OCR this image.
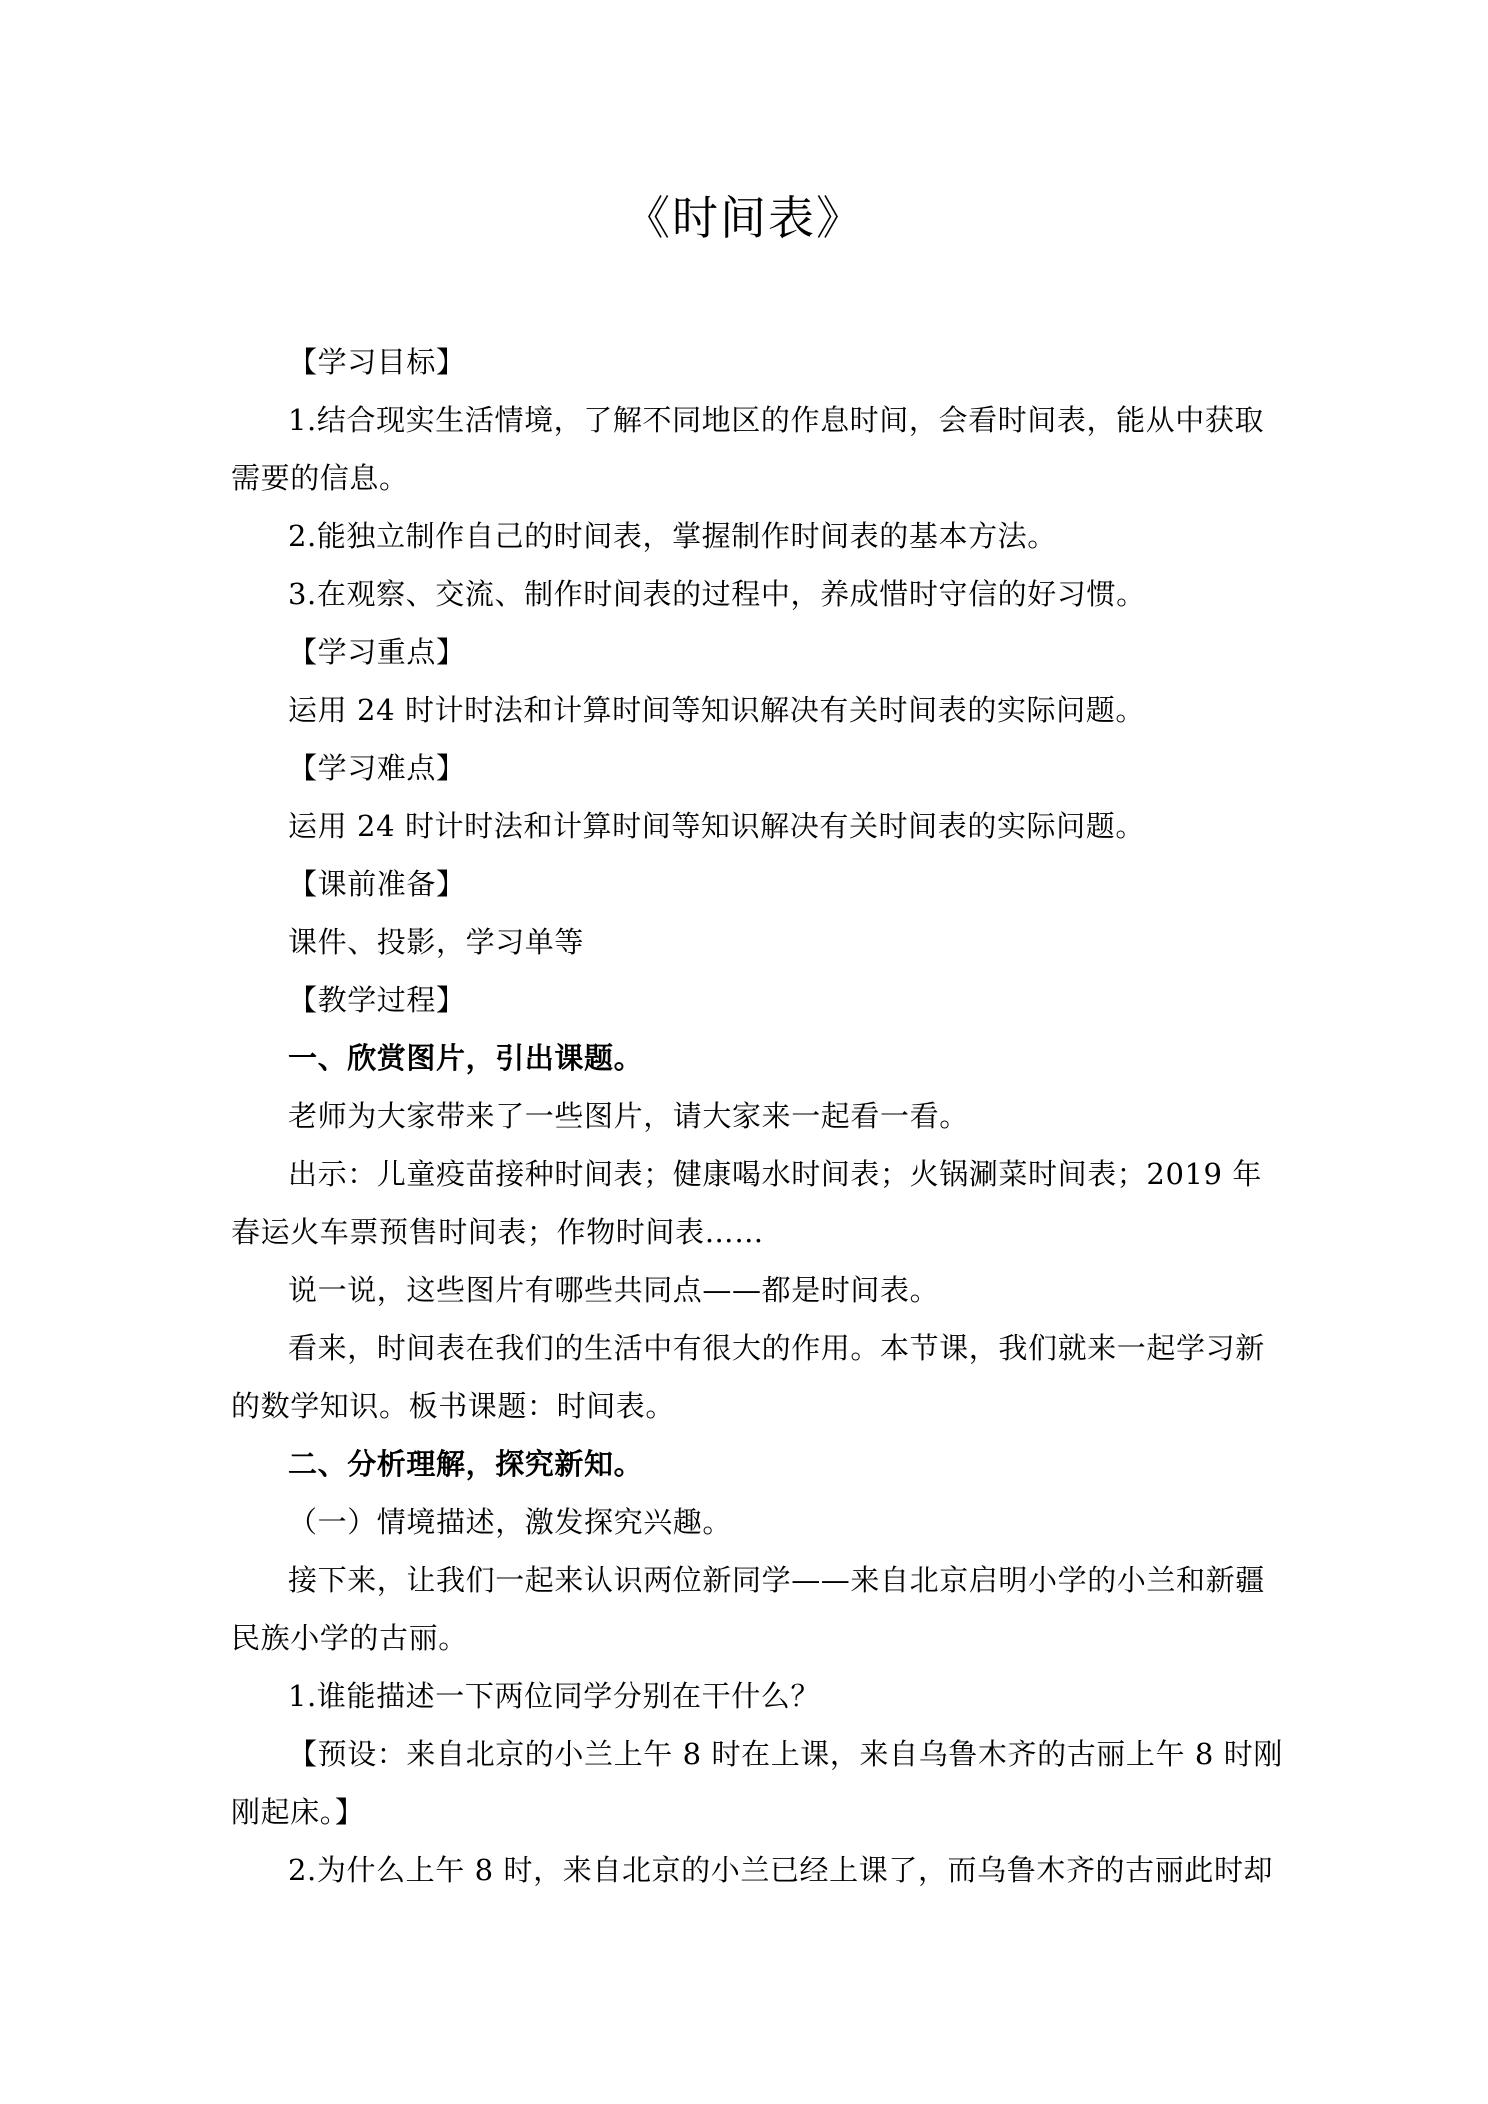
《时间表》
【学习目标】
1.结合现实生活情境，了解不同地区的作息时间，会看时间表，能从中获取
需要的信息。
2.能独立制作自己的时间表，掌握制作时间表的基本方法。
3.在观察、交流、制作时间表的过程中，养成惜时守信的好习惯。
【学习重点】
运用 24 时计时法和计算时间等知识解决有关时间表的实际问题。
【学习难点】
运用 24 时计时法和计算时间等知识解决有关时间表的实际问题。
【课前准备】
课件、投影，学习单等
【教学过程】
一、欣赏图片，引出课题。
老师为大家带来了一些图片，请大家来一起看一看。
出示：儿童疫苗接种时间表；健康喝水时间表；火锅涮菜时间表；2019 年
春运火车票预售时间表；作物时间表……
说一说，这些图片有哪些共同点——都是时间表。
看来，时间表在我们的生活中有很大的作用。本节课，我们就来一起学习新
的数学知识。板书课题：时间表。
二、分析理解，探究新知。
（一）情境描述，激发探究兴趣。
接下来，让我们一起来认识两位新同学——来自北京启明小学的小兰和新疆
民族小学的古丽。
1.谁能描述一下两位同学分别在干什么？
【预设：来自北京的小兰上午 8 时在上课，来自乌鲁木齐的古丽上午 8 时刚
刚起床。】
2.为什么上午 8 时，来自北京的小兰已经上课了，而乌鲁木齐的古丽此时却
